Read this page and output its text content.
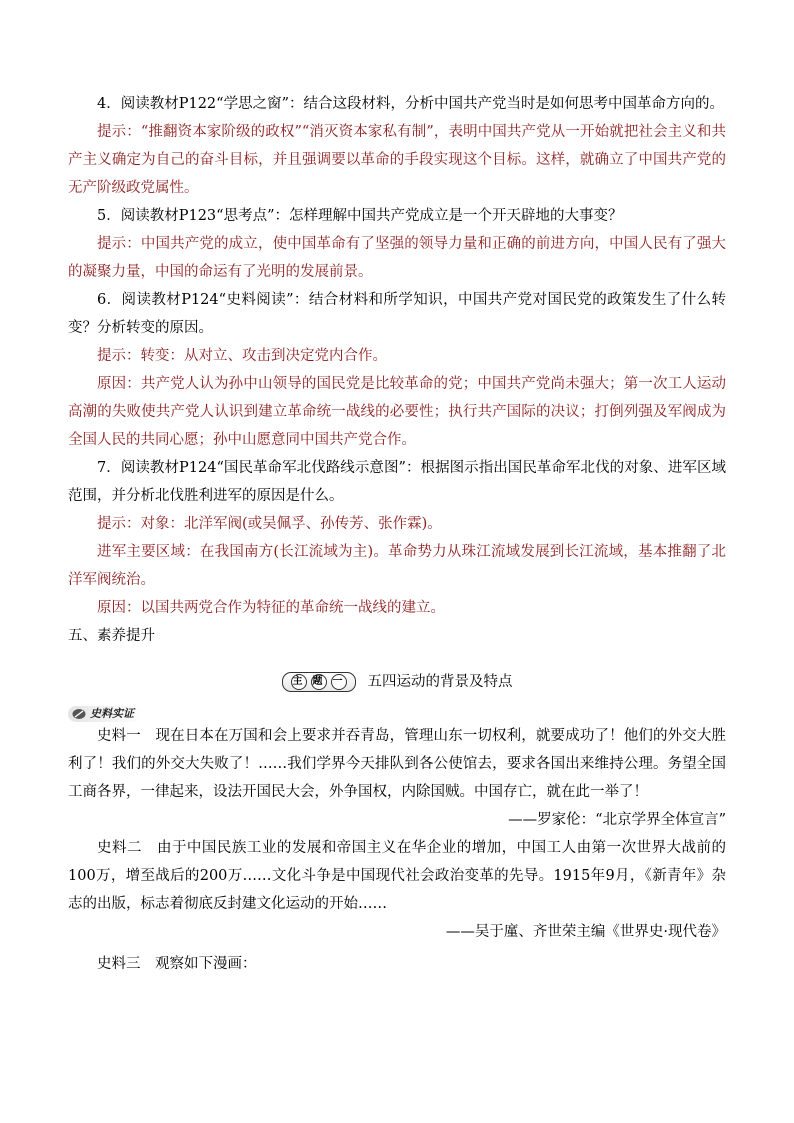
4．阅读教材P122“学思之窗”：结合这段材料，分析中国共产党当时是如何思考中国革命方向的。

提示：“推翻资本家阶级的政权”“消灭资本家私有制”，表明中国共产党从一开始就把社会主义和共产主义确定为自己的奋斗目标，并且强调要以革命的手段实现这个目标。这样，就确立了中国共产党的无产阶级政党属性。

5．阅读教材P123“思考点”：怎样理解中国共产党成立是一个开天辟地的大事变？

提示：中国共产党的成立，使中国革命有了坚强的领导力量和正确的前进方向，中国人民有了强大的凝聚力量，中国的命运有了光明的发展前景。

6．阅读教材P124“史料阅读”：结合材料和所学知识，中国共产党对国民党的政策发生了什么转变？分析转变的原因。

提示：转变：从对立、攻击到决定党内合作。

原因：共产党人认为孙中山领导的国民党是比较革命的党；中国共产党尚未强大；第一次工人运动高潮的失败使共产党人认识到建立革命统一战线的必要性；执行共产国际的决议；打倒列强及军阀成为全国人民的共同心愿；孙中山愿意同中国共产党合作。

7．阅读教材P124“国民革命军北伐路线示意图”：根据图示指出国民革命军北伐的对象、进军区域范围，并分析北伐胜利进军的原因是什么。

提示：对象：北洋军阀(或吴佩孚、孙传芳、张作霖)。

进军主要区域：在我国南方(长江流域为主)。革命势力从珠江流域发展到长江流域，基本推翻了北洋军阀统治。

原因：以国共两党合作为特征的革命统一战线的建立。

五、素养提升

主 题 一 五四运动的背景及特点
史料实证

史料一　现在日本在万国和会上要求并吞青岛，管理山东一切权利，就要成功了！他们的外交大胜利了！我们的外交大失败了！……我们学界今天排队到各公使馆去，要求各国出来维持公理。务望全国工商各界，一律起来，设法开国民大会，外争国权，内除国贼。中国存亡，就在此一举了！

——罗家伦：“北京学界全体宣言”

史料二　由于中国民族工业的发展和帝国主义在华企业的增加，中国工人由第一次世界大战前的100万，增至战后的200万……文化斗争是中国现代社会政治变革的先导。1915年9月，《新青年》杂志的出版，标志着彻底反封建文化运动的开始……

——吴于廑、齐世荣主编《世界史·现代卷》

史料三　观察如下漫画：
